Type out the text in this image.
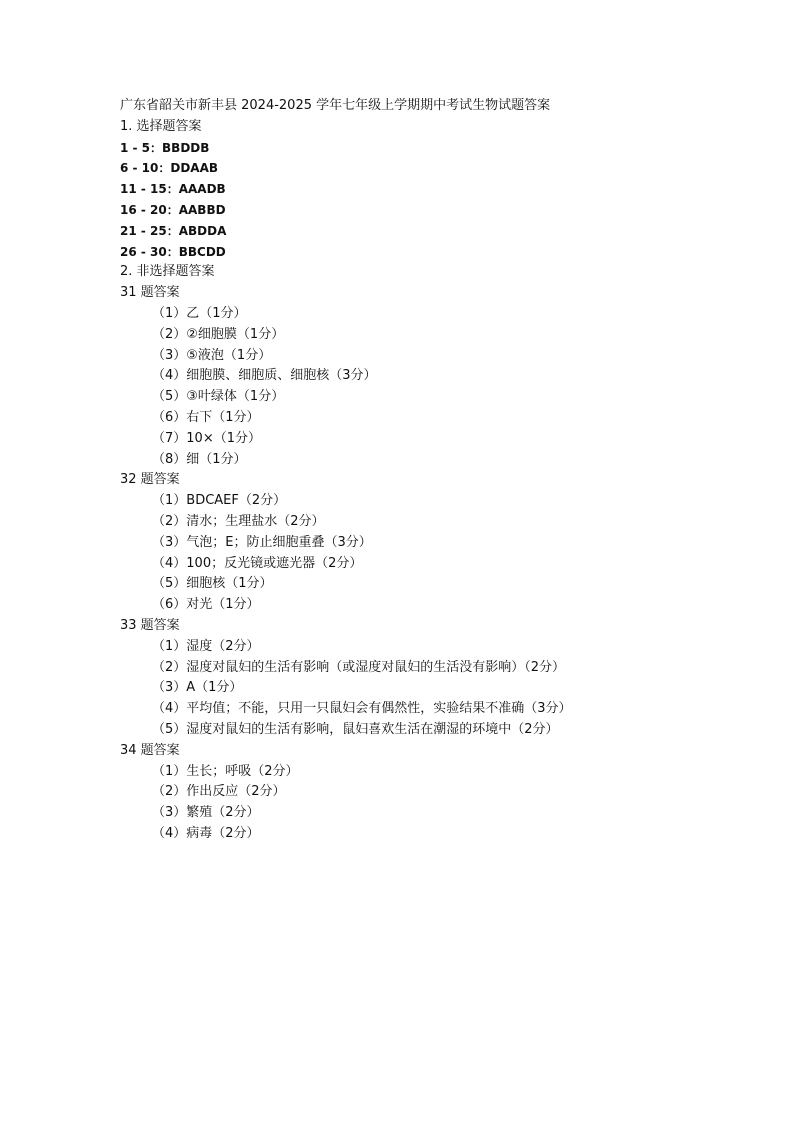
广东省韶关市新丰县 2024-2025 学年七年级上学期期中考试生物试题答案
1. 选择题答案
1 - 5：BBDDB
6 - 10：DDAAB
11 - 15：AAADB
16 - 20：AABBD
21 - 25：ABDDA
26 - 30：BBCDD
2. 非选择题答案
31 题答案
（1）乙（1分）
（2）②细胞膜（1分）
（3）⑤液泡（1分）
（4）细胞膜、细胞质、细胞核（3分）
（5）③叶绿体（1分）
（6）右下（1分）
（7）10×（1分）
（8）细（1分）
32 题答案
（1）BDCAEF（2分）
（2）清水；生理盐水（2分）
（3）气泡；E；防止细胞重叠（3分）
（4）100；反光镜或遮光器（2分）
（5）细胞核（1分）
（6）对光（1分）
33 题答案
（1）湿度（2分）
（2）湿度对鼠妇的生活有影响（或湿度对鼠妇的生活没有影响）（2分）
（3）A（1分）
（4）平均值；不能，只用一只鼠妇会有偶然性，实验结果不准确（3分）
（5）湿度对鼠妇的生活有影响，鼠妇喜欢生活在潮湿的环境中（2分）
34 题答案
（1）生长；呼吸（2分）
（2）作出反应（2分）
（3）繁殖（2分）
（4）病毒（2分）
